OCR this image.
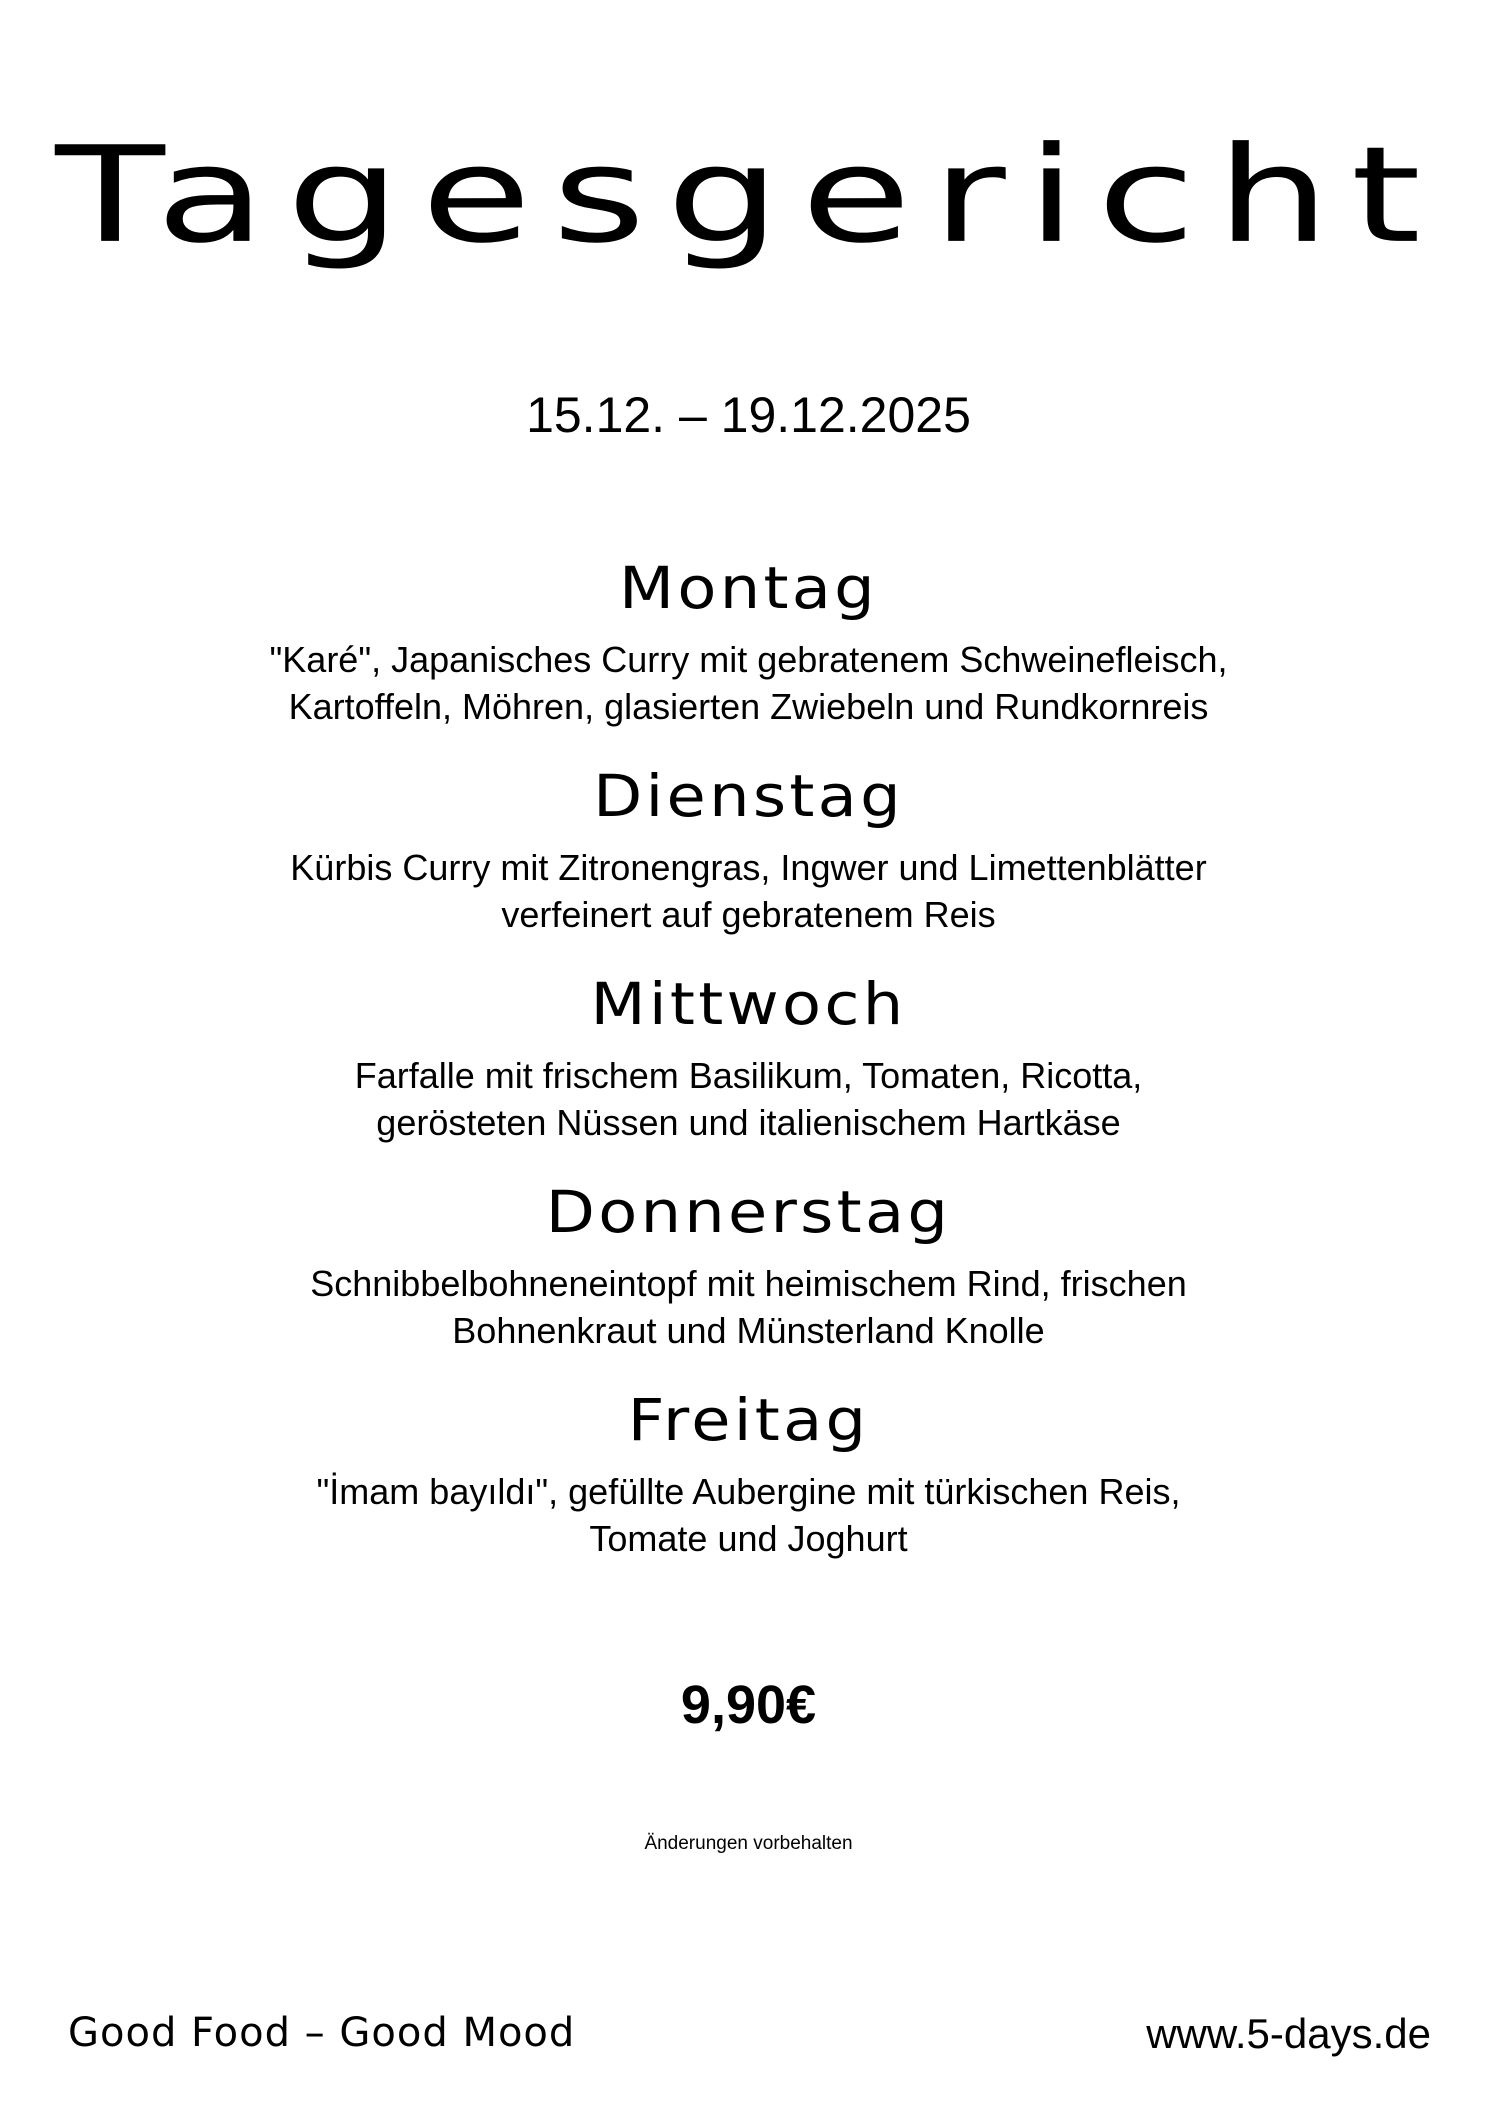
Tagesgericht
15.12. – 19.12.2025
Montag
"Karé", Japanisches Curry mit gebratenem Schweinefleisch,
Kartoffeln, Möhren, glasierten Zwiebeln und Rundkornreis
Dienstag
Kürbis Curry mit Zitronengras, Ingwer und Limettenblätter
verfeinert auf gebratenem Reis
Mittwoch
Farfalle mit frischem Basilikum, Tomaten, Ricotta,
gerösteten Nüssen und italienischem Hartkäse
Donnerstag
Schnibbelbohneneintopf mit heimischem Rind, frischen
Bohnenkraut und Münsterland Knolle
Freitag
"İmam bayıldı", gefüllte Aubergine mit türkischen Reis,
Tomate und Joghurt
9,90€
Änderungen vorbehalten
Good Food – Good Mood	www.5-days.de
